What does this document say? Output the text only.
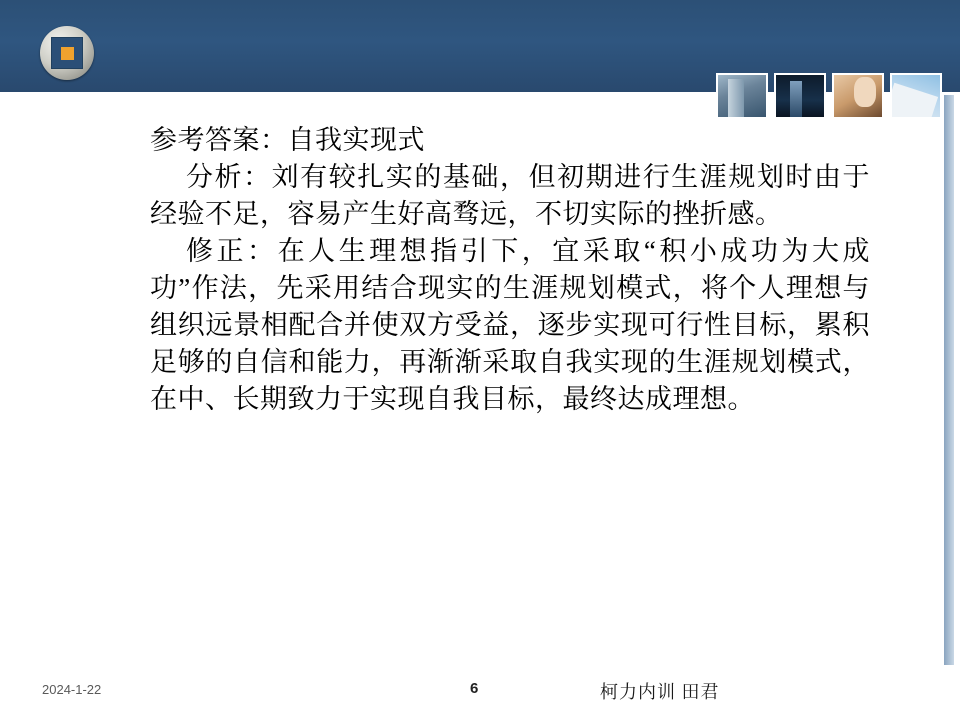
参考答案：自我实现式

分析：刘有较扎实的基础，但初期进行生涯规划时由于经验不足，容易产生好高骛远，不切实际的挫折感。

修正：在人生理想指引下，宜采取“积小成功为大成功”作法，先采用结合现实的生涯规划模式，将个人理想与组织远景相配合并使双方受益，逐步实现可行性目标，累积足够的自信和能力，再渐渐采取自我实现的生涯规划模式，在中、长期致力于实现自我目标，最终达成理想。

2024-1-22	6	柯力内训 田君
